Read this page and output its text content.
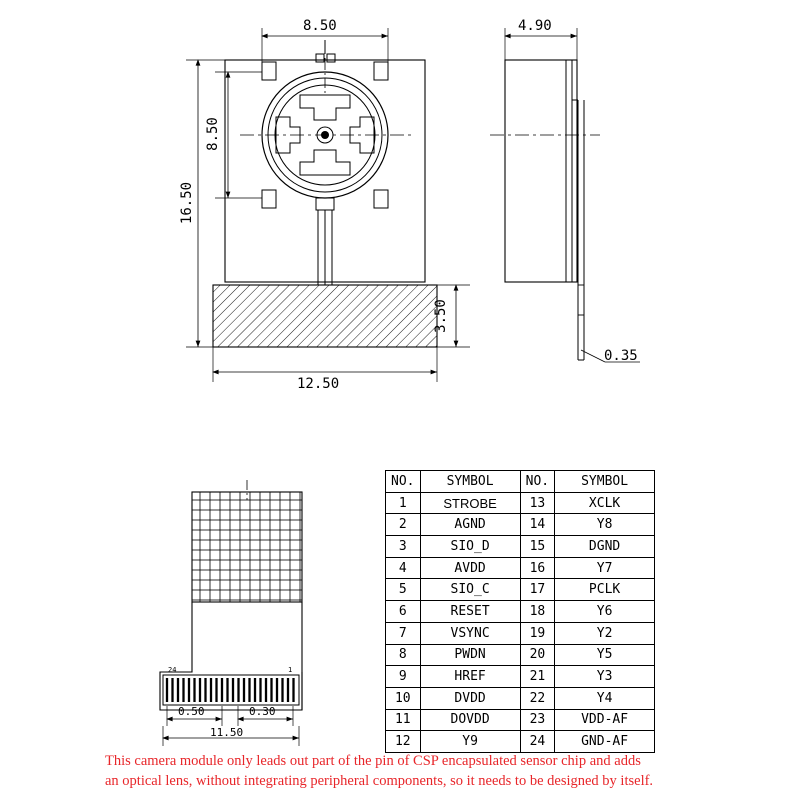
8.50
8.50
16.50
3.50
12.50
4.90
0.35
0.50	0.30
11.50
24	1
NO.	SYMBOL	NO.	SYMBOL
1	STROBE	13	XCLK
2	AGND	14	Y8
3	SIO_D	15	DGND
4	AVDD	16	Y7
5	SIO_C	17	PCLK
6	RESET	18	Y6
7	VSYNC	19	Y2
8	PWDN	20	Y5
9	HREF	21	Y3
10	DVDD	22	Y4
11	DOVDD	23	VDD-AF
12	Y9	24	GND-AF
This camera module only leads out part of the pin of CSP encapsulated sensor chip and adds
an optical lens, without integrating peripheral components, so it needs to be designed by itself.
